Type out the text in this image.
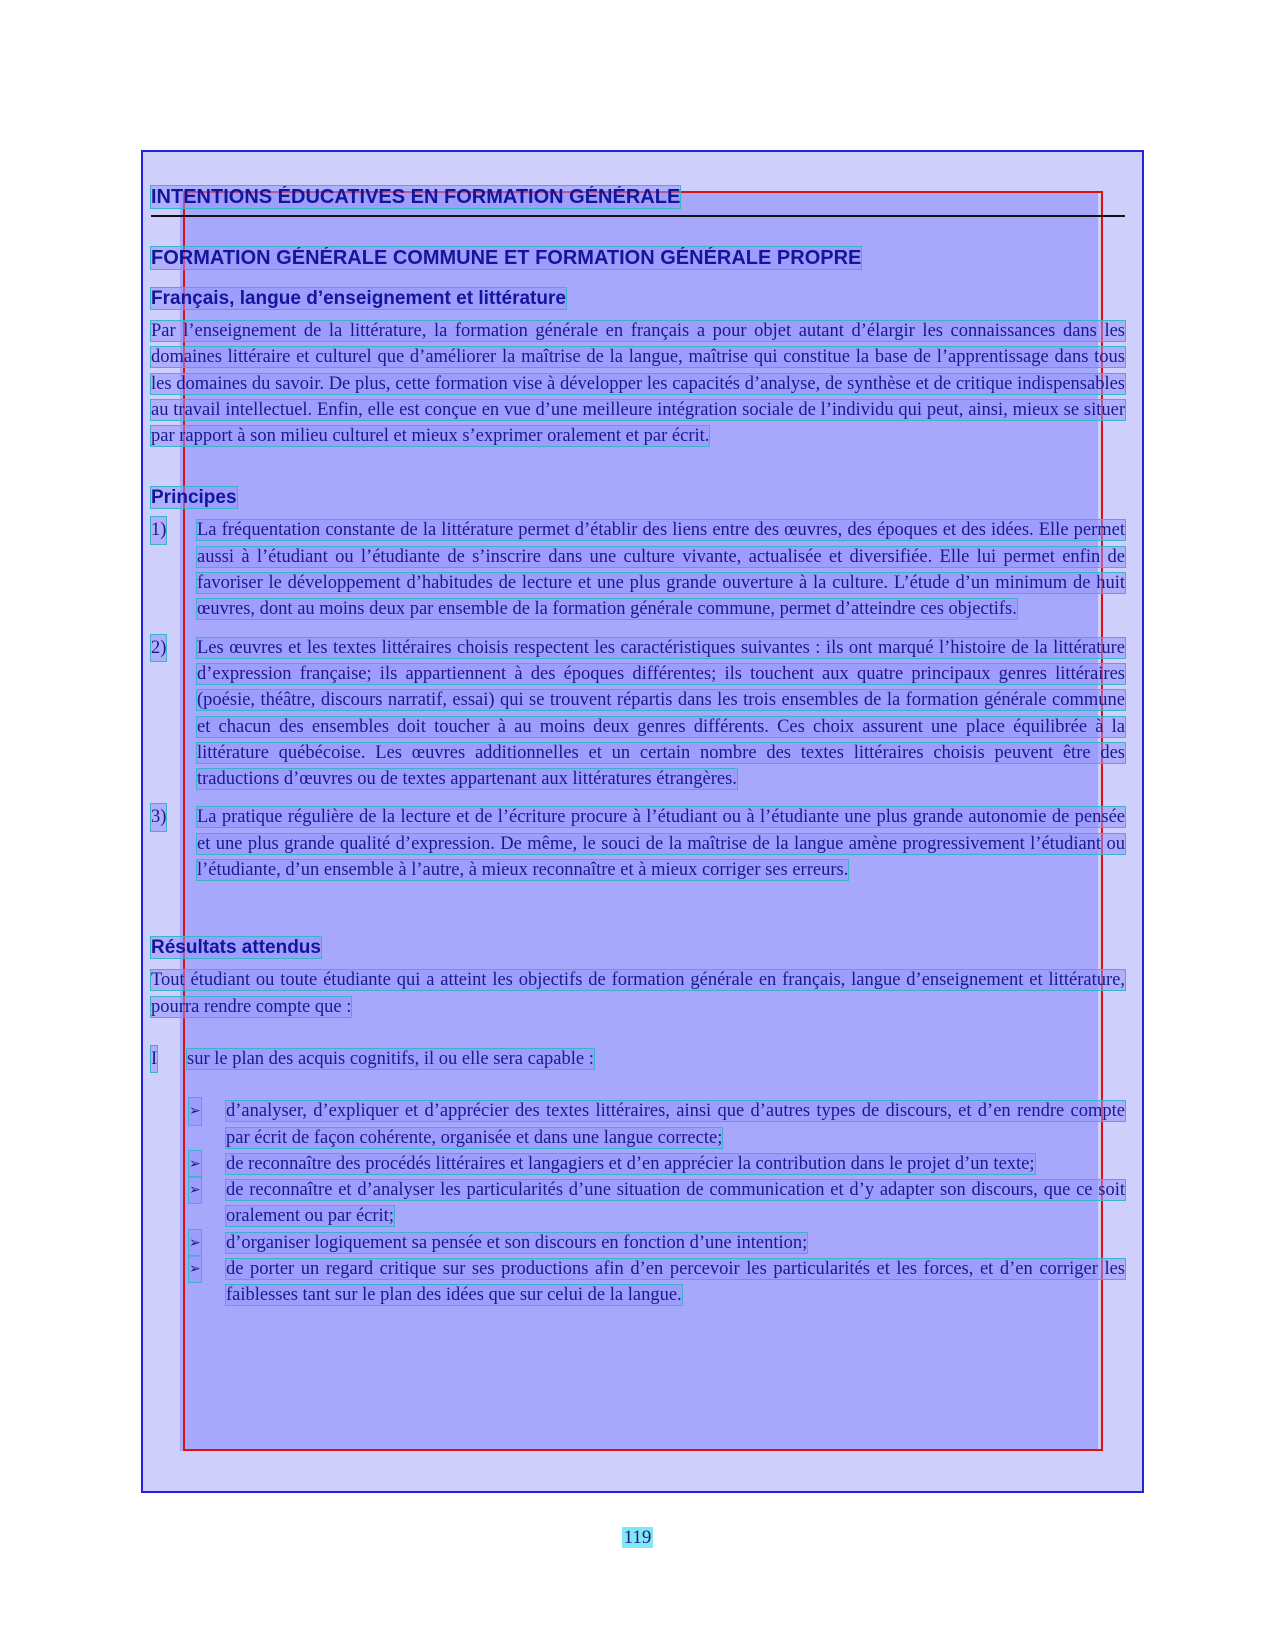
INTENTIONS ÉDUCATIVES EN FORMATION GÉNÉRALE
FORMATION GÉNÉRALE COMMUNE ET FORMATION GÉNÉRALE PROPRE
Français, langue d’enseignement et littérature

Par l’enseignement de la littérature, la formation générale en français a pour objet autant d’élargir les connaissances dans les domaines littéraire et culturel que d’améliorer la maîtrise de la langue, maîtrise qui constitue la base de l’apprentissage dans tous les domaines du savoir. De plus, cette formation vise à développer les capacités d’analyse, de synthèse et de critique indispensables au travail intellectuel. Enfin, elle est conçue en vue d’une meilleure intégration sociale de l’individu qui peut, ainsi, mieux se situer par rapport à son milieu culturel et mieux s’exprimer oralement et par écrit.

Principes
1) La fréquentation constante de la littérature permet d’établir des liens entre des œuvres, des époques et des idées. Elle permet aussi à l’étudiant ou l’étudiante de s’inscrire dans une culture vivante, actualisée et diversifiée. Elle lui permet enfin de favoriser le développement d’habitudes de lecture et une plus grande ouverture à la culture. L’étude d’un minimum de huit œuvres, dont au moins deux par ensemble de la formation générale commune, permet d’atteindre ces objectifs.
2) Les œuvres et les textes littéraires choisis respectent les caractéristiques suivantes : ils ont marqué l’histoire de la littérature d’expression française; ils appartiennent à des époques différentes; ils touchent aux quatre principaux genres littéraires (poésie, théâtre, discours narratif, essai) qui se trouvent répartis dans les trois ensembles de la formation générale commune et chacun des ensembles doit toucher à au moins deux genres différents. Ces choix assurent une place équilibrée à la littérature québécoise. Les œuvres additionnelles et un certain nombre des textes littéraires choisis peuvent être des traductions d’œuvres ou de textes appartenant aux littératures étrangères.
3) La pratique régulière de la lecture et de l’écriture procure à l’étudiant ou à l’étudiante une plus grande autonomie de pensée et une plus grande qualité d’expression. De même, le souci de la maîtrise de la langue amène progressivement l’étudiant ou l’étudiante, d’un ensemble à l’autre, à mieux reconnaître et à mieux corriger ses erreurs.
Résultats attendus

Tout étudiant ou toute étudiante qui a atteint les objectifs de formation générale en français, langue d’enseignement et littérature, pourra rendre compte que :

I sur le plan des acquis cognitifs, il ou elle sera capable :

➢ d’analyser, d’expliquer et d’apprécier des textes littéraires, ainsi que d’autres types de discours, et d’en rendre compte par écrit de façon cohérente, organisée et dans une langue correcte;
➢ de reconnaître des procédés littéraires et langagiers et d’en apprécier la contribution dans le projet d’un texte;
➢ de reconnaître et d’analyser les particularités d’une situation de communication et d’y adapter son discours, que ce soit oralement ou par écrit;
➢ d’organiser logiquement sa pensée et son discours en fonction d’une intention;
➢ de porter un regard critique sur ses productions afin d’en percevoir les particularités et les forces, et d’en corriger les faiblesses tant sur le plan des idées que sur celui de la langue.
119
